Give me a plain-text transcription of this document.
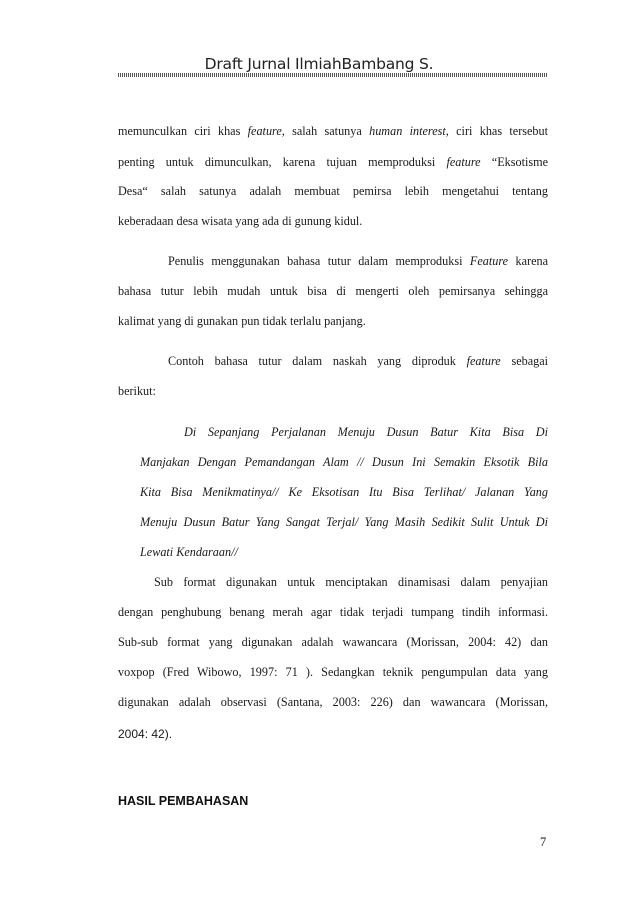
Draft Jurnal IlmiahBambang S.
memunculkan ciri khas feature, salah satunya human interest, ciri khas tersebut
penting untuk dimunculkan, karena tujuan memproduksi feature “Eksotisme
Desa“ salah satunya adalah membuat pemirsa lebih mengetahui tentang
keberadaan desa wisata yang ada di gunung kidul.
Penulis menggunakan bahasa tutur dalam memproduksi Feature karena
bahasa tutur lebih mudah untuk bisa di mengerti oleh pemirsanya sehingga
kalimat yang di gunakan pun tidak terlalu panjang.
Contoh bahasa tutur dalam naskah yang diproduk feature sebagai
berikut:
Di Sepanjang Perjalanan Menuju Dusun Batur Kita Bisa Di
Manjakan Dengan Pemandangan Alam // Dusun Ini Semakin Eksotik Bila
Kita Bisa Menikmatinya// Ke Eksotisan Itu Bisa Terlihat/ Jalanan Yang
Menuju Dusun Batur Yang Sangat Terjal/ Yang Masih Sedikit Sulit Untuk Di
Lewati Kendaraan//
Sub format digunakan untuk menciptakan dinamisasi dalam penyajian
dengan penghubung benang merah agar tidak terjadi tumpang tindih informasi.
Sub-sub format yang digunakan adalah wawancara (Morissan, 2004: 42) dan
voxpop (Fred Wibowo, 1997: 71 ). Sedangkan teknik pengumpulan data yang
digunakan adalah observasi (Santana, 2003: 226) dan wawancara (Morissan,
2004: 42).
HASIL PEMBAHASAN
7
